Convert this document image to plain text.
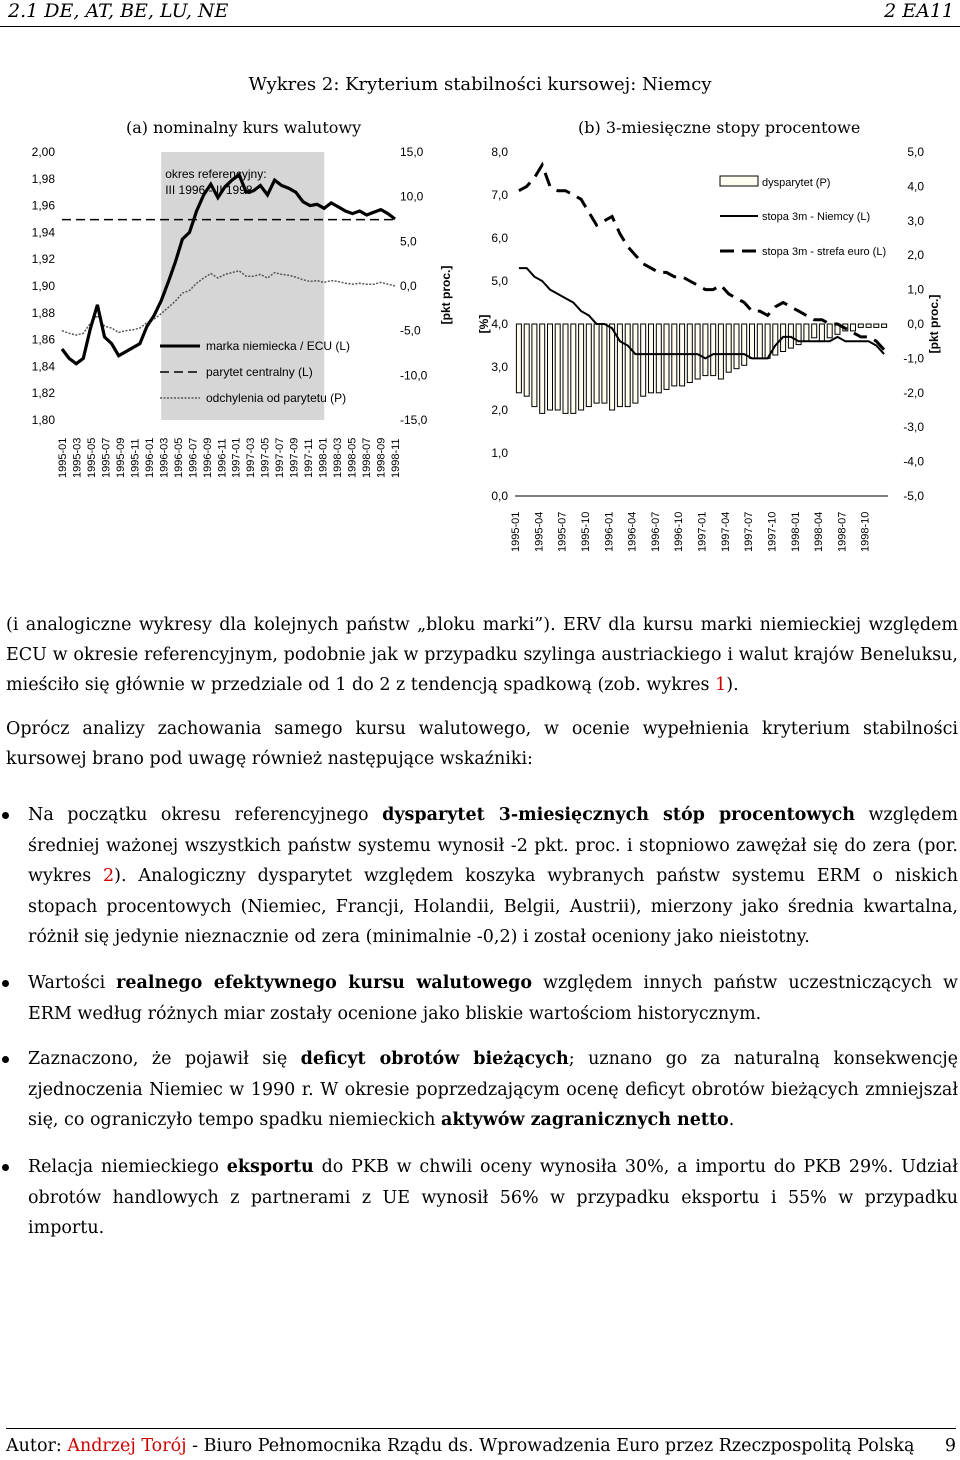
2.1 DE, AT, BE, LU, NE	2 EA11
Wykres 2: Kryterium stabilności kursowej: Niemcy
(a) nominalny kurs walutowy	(b) 3-miesięczne stopy procentowe
okres referencyjny:
III 1996 - II 1998
2,00
1,98
1,96
1,94
1,92
1,90
1,88
1,86
1,84
1,82
1,80
15,0
10,0
5,0
0,0
-5,0
-10,0
-15,0
[pkt proc.]
1995-01 1995-03 1995-05 1995-07 1995-09 1995-11 1996-01 1996-03 1996-05 1996-07 1996-09 1996-11 1997-01 1997-03 1997-05 1997-07 1997-09 1997-11 1998-01 1998-03 1998-05 1998-07 1998-09 1998-11
marka niemiecka / ECU (L)
parytet centralny (L)
odchylenia od parytetu (P)
8,0
7,0
6,0
5,0
4,0
3,0
2,0
1,0
0,0
[%]
5,0
4,0
3,0
2,0
1,0
0,0
-1,0
-2,0
-3,0
-4,0
-5,0
[pkt proc.]
1995-01 1995-04 1995-07 1995-10 1996-01 1996-04 1996-07 1996-10 1997-01 1997-04 1997-07 1997-10 1998-01 1998-04 1998-07 1998-10
dysparytet (P)
stopa 3m - Niemcy (L)
stopa 3m - strefa euro (L)

(i analogiczne wykresy dla kolejnych państw „bloku marki”). ERV dla kursu marki niemieckiej względem ECU w okresie referencyjnym, podobnie jak w przypadku szylinga austriackiego i walut krajów Beneluksu, mieściło się głównie w przedziale od 1 do 2 z tendencją spadkową (zob. wykres 1).

Oprócz analizy zachowania samego kursu walutowego, w ocenie wypełnienia kryterium stabilności kursowej brano pod uwagę również następujące wskaźniki:

Na początku okresu referencyjnego dysparytet 3-miesięcznych stóp procentowych względem średniej ważonej wszystkich państw systemu wynosił -2 pkt. proc. i stopniowo zawężał się do zera (por. wykres 2). Analogiczny dysparytet względem koszyka wybranych państw systemu ERM o niskich stopach procentowych (Niemiec, Francji, Holandii, Belgii, Austrii), mierzony jako średnia kwartalna, różnił się jedynie nieznacznie od zera (minimalnie -0,2) i został oceniony jako nieistotny.
Wartości realnego efektywnego kursu walutowego względem innych państw uczestniczących w ERM według różnych miar zostały ocenione jako bliskie wartościom historycznym.
Zaznaczono, że pojawił się deficyt obrotów bieżących; uznano go za naturalną konsekwencję zjednoczenia Niemiec w 1990 r. W okresie poprzedzającym ocenę deficyt obrotów bieżących zmniejszał się, co ograniczyło tempo spadku niemieckich aktywów zagranicznych netto.
Relacja niemieckiego eksportu do PKB w chwili oceny wynosiła 30%, a importu do PKB 29%. Udział obrotów handlowych z partnerami z UE wynosił 56% w przypadku eksportu i 55% w przypadku importu.
Autor: Andrzej Torój - Biuro Pełnomocnika Rządu ds. Wprowadzenia Euro przez Rzeczpospolitą Polską 9
